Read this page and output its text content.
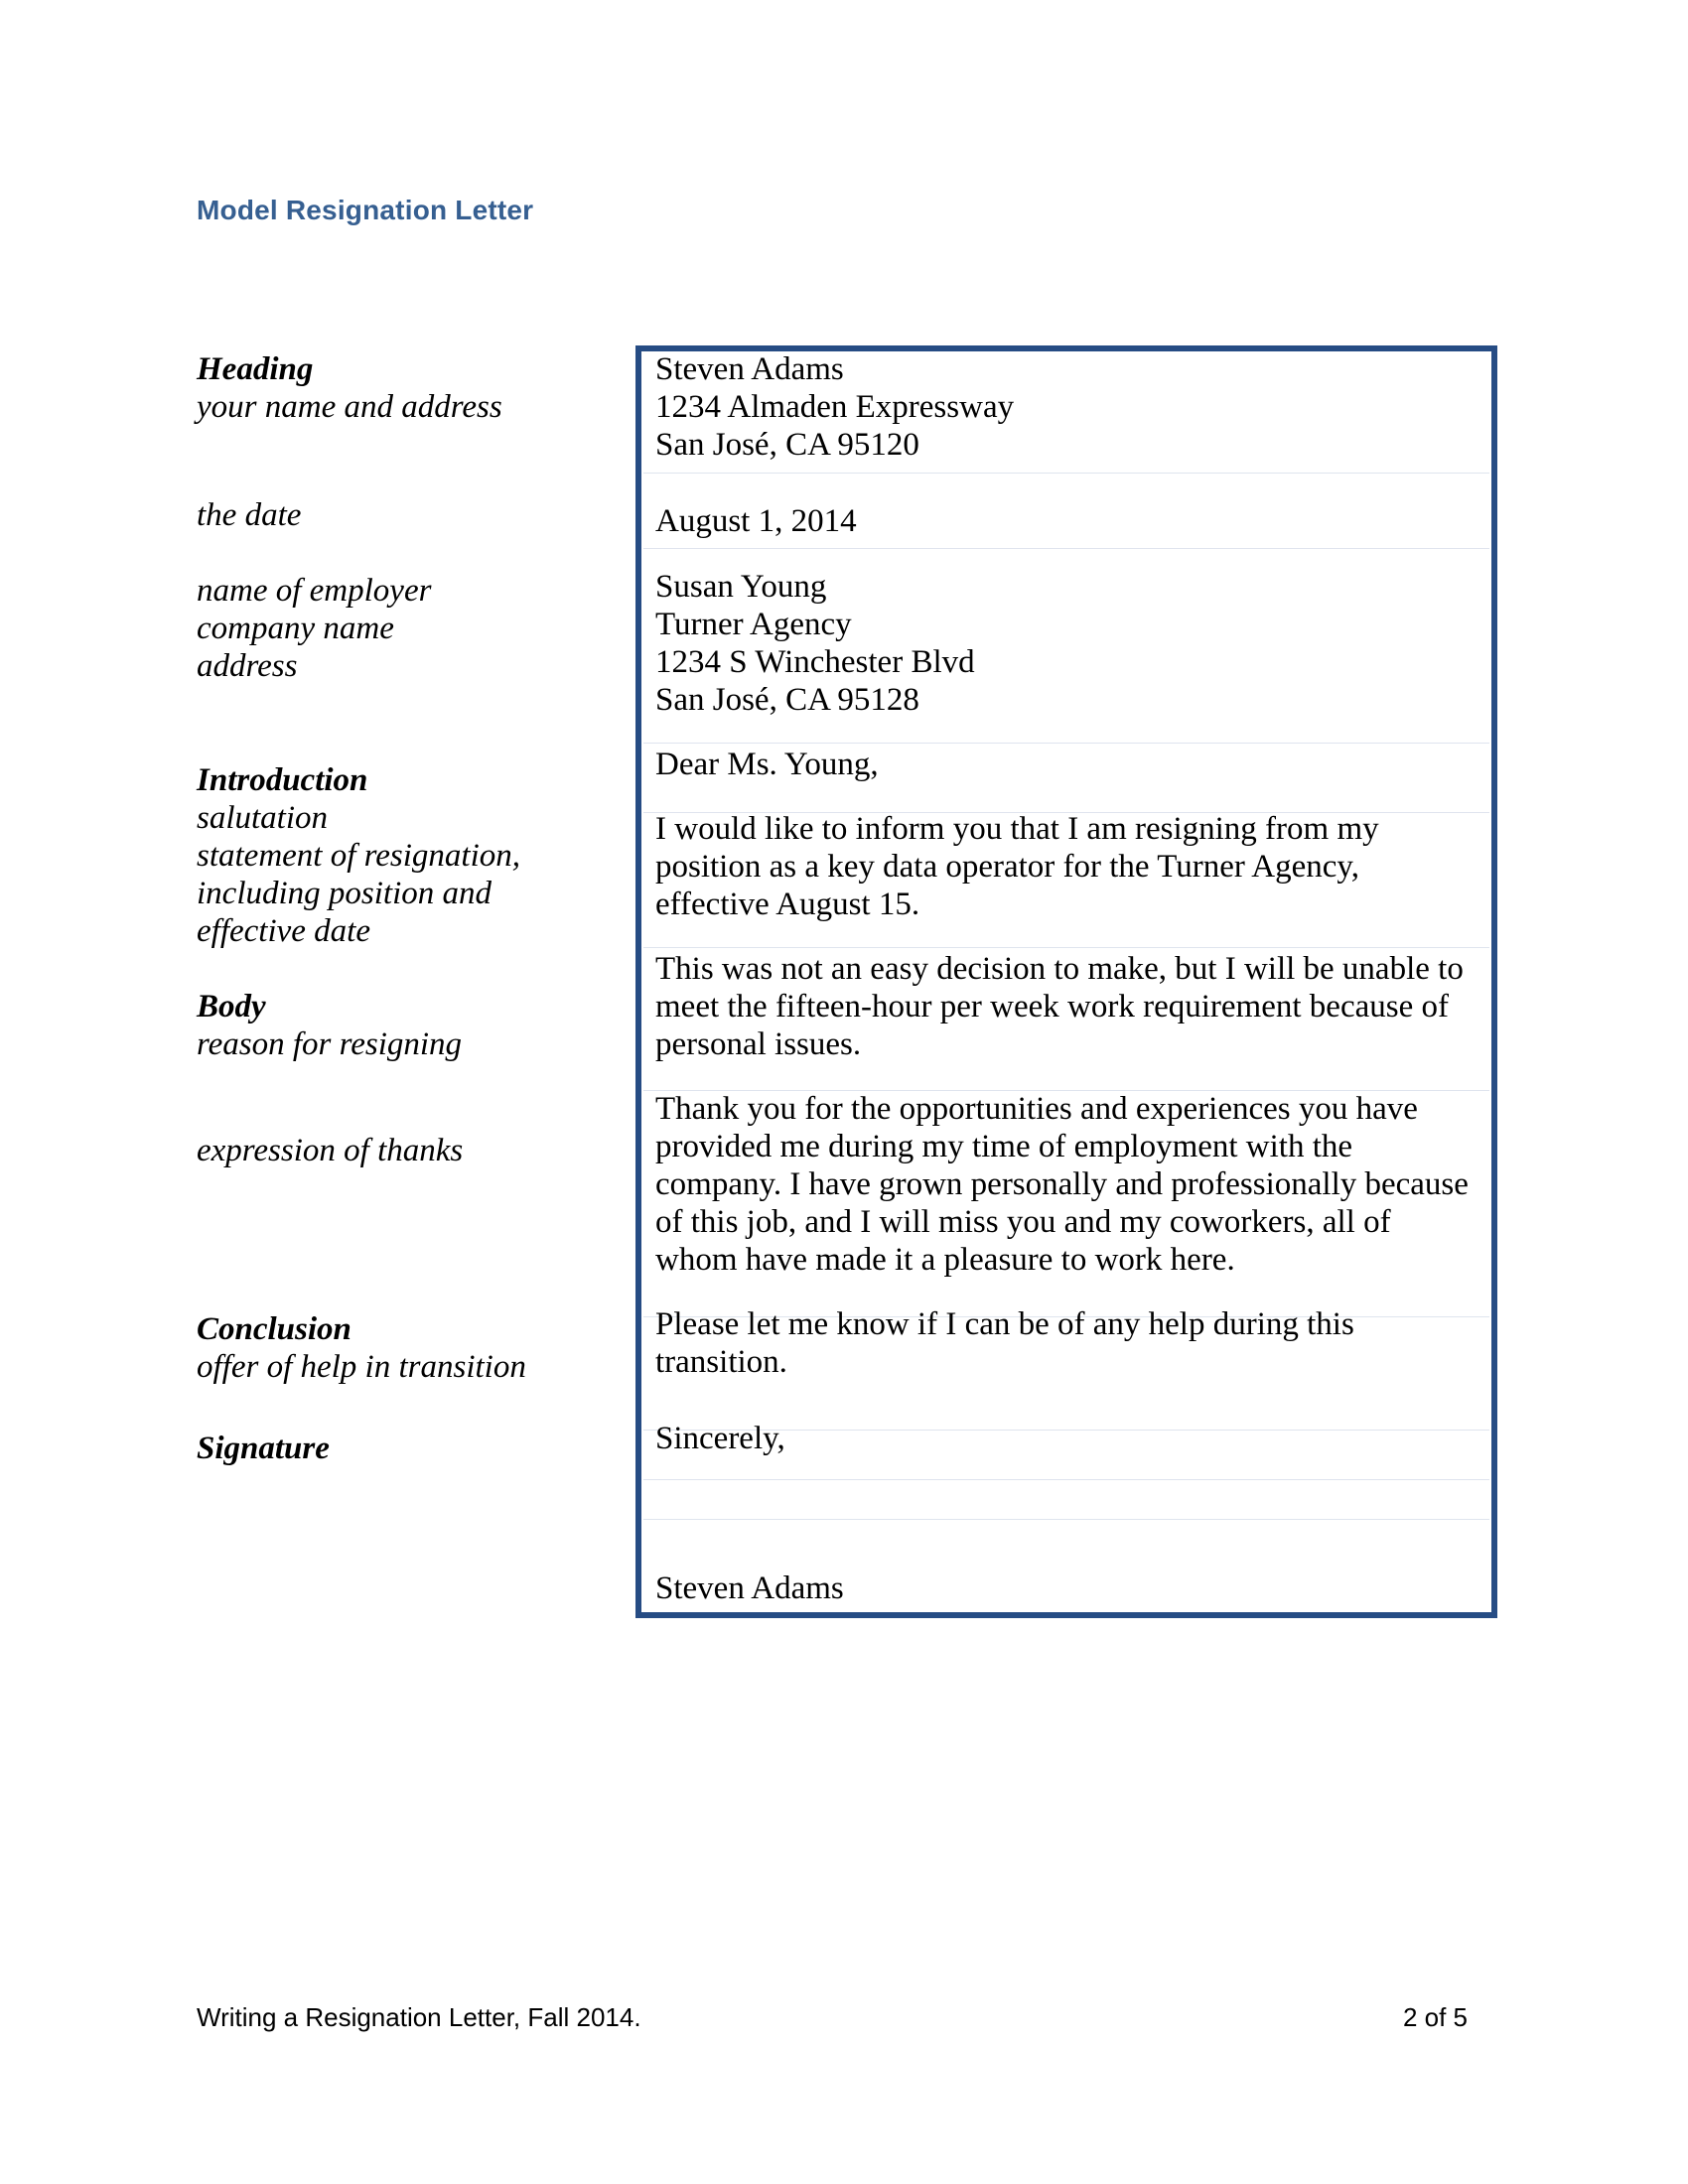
Model Resignation Letter
Heading
your name and address
the date
name of employer
company name
address
Introduction
salutation
statement of resignation,
including position and
effective date
Body
reason for resigning
expression of thanks
Conclusion
offer of help in transition
Signature
Steven Adams
1234 Almaden Expressway
San José, CA 95120
August 1, 2014
Susan Young
Turner Agency
1234 S Winchester Blvd
San José, CA 95128
Dear Ms. Young,
I would like to inform you that I am resigning from my
position as a key data operator for the Turner Agency,
effective August 15.
This was not an easy decision to make, but I will be unable to
meet the fifteen-hour per week work requirement because of
personal issues.
Thank you for the opportunities and experiences you have
provided me during my time of employment with the
company. I have grown personally and professionally because
of this job, and I will miss you and my coworkers, all of
whom have made it a pleasure to work here.
Please let me know if I can be of any help during this
transition.
Sincerely,
Steven Adams
Writing a Resignation Letter, Fall 2014.	2 of 5
